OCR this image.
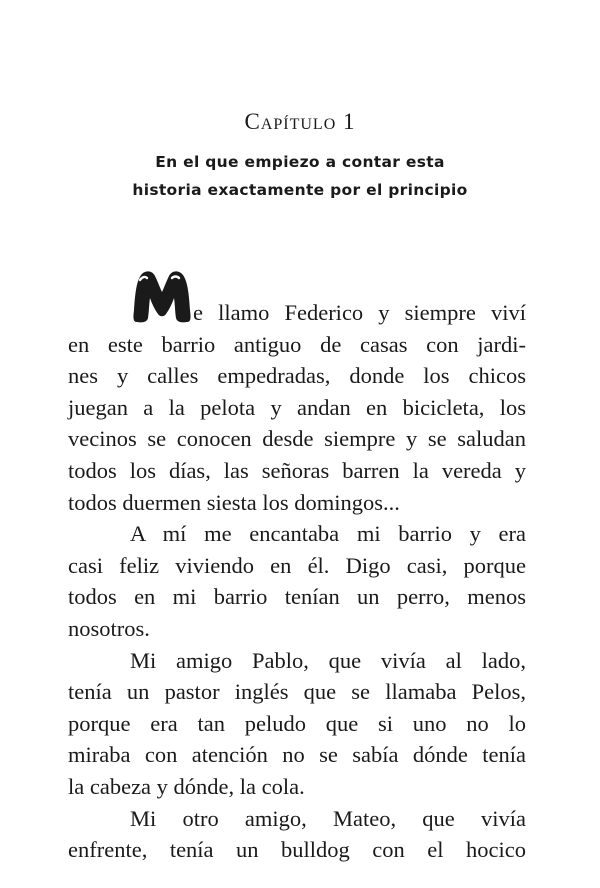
Capítulo 1
En el que empiezo a contar esta
historia exactamente por el principio

e llamo Federico y siempre viví
en este barrio antiguo de casas con jardi-
nes y calles empedradas, donde los chicos
juegan a la pelota y andan en bicicleta, los
vecinos se conocen desde siempre y se saludan
todos los días, las señoras barren la vereda y
todos duermen siesta los domingos...

A mí me encantaba mi barrio y era
casi feliz viviendo en él. Digo casi, porque
todos en mi barrio tenían un perro, menos
nosotros.

Mi amigo Pablo, que vivía al lado,
tenía un pastor inglés que se llamaba Pelos,
porque era tan peludo que si uno no lo
miraba con atención no se sabía dónde tenía
la cabeza y dónde, la cola.

Mi otro amigo, Mateo, que vivía
enfrente, tenía un bulldog con el hocico
